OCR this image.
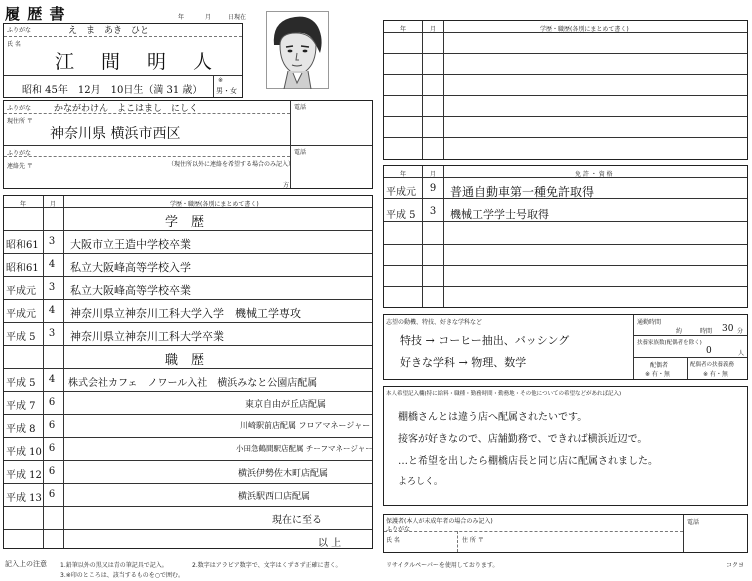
履 歴 書	年	月	日現在
ふりがな	え　ま　あき　ひと
氏 名
江　間　明　人
昭和 45年　12月　10日生（満 31 歳）
※
男・女
ふりがな	かながわけん　よこはまし　にしく	電話
現住所 〒
神奈川県 横浜市西区
ふりがな	電話
連絡先 〒	（現住所以外に連絡を希望する場合のみ記入）
方
年	月	学歴・職歴(各別にまとめて書く)
学　歴
昭和61 3 大阪市立王造中学校卒業
昭和61 4 私立大阪峰高等学校入学
平成元 3 私立大阪峰高等学校卒業
平成元 4 神奈川県立神奈川工科大学入学　機械工学専攻
平成 5 3 神奈川県立神奈川工科大学卒業
職　歴
平成 5 4 株式会社カフェ　ノワール入社　横浜みなと公園店配属
平成 7 6	東京自由が丘店配属
平成 8 6	川崎駅前店配属 フロアマネージャー
平成 10 6	小田急鶴間駅店配属 チーフマネージャー
平成 12 6	横浜伊勢佐木町店配属
平成 13 6	横浜駅西口店配属
現在に至る
以 上
年	月	学歴・職歴(各別にまとめて書く)
年	月	免 許 ・ 資 格
平成元 9 普通自動車第一種免許取得
平成 5 3 機械工学学士号取得
志望の動機、特技、好きな学科など
特技 → コーヒー抽出、バッシング
好きな学科 → 物理、数学
通勤時間
約	時間 30 分
扶養家族数(配偶者を除く)
0	人
配偶者
※ 有・無
配偶者の扶養義務
※ 有・無
本人希望記入欄(特に給料・職種・勤務時間・勤務地・その他についての希望などがあれば記入)
棚橋さんとは違う店へ配属されたいです。
接客が好きなので、店舗勤務で、できれば横浜近辺で。
…と希望を出したら棚橋店長と同じ店に配属されました。
よろしく。
保護者(本人が未成年者の場合のみ記入)
ふりがな
電話
氏 名	住 所 〒
記入上の注意 1.鉛筆以外の黒又は青の筆記具で記入。	2.数字はアラビア数字で、文字はくずさず正確に書く。
3.※印のところは、該当するものを○で囲む。
リサイクルペーパーを使用しております。	コクヨ
